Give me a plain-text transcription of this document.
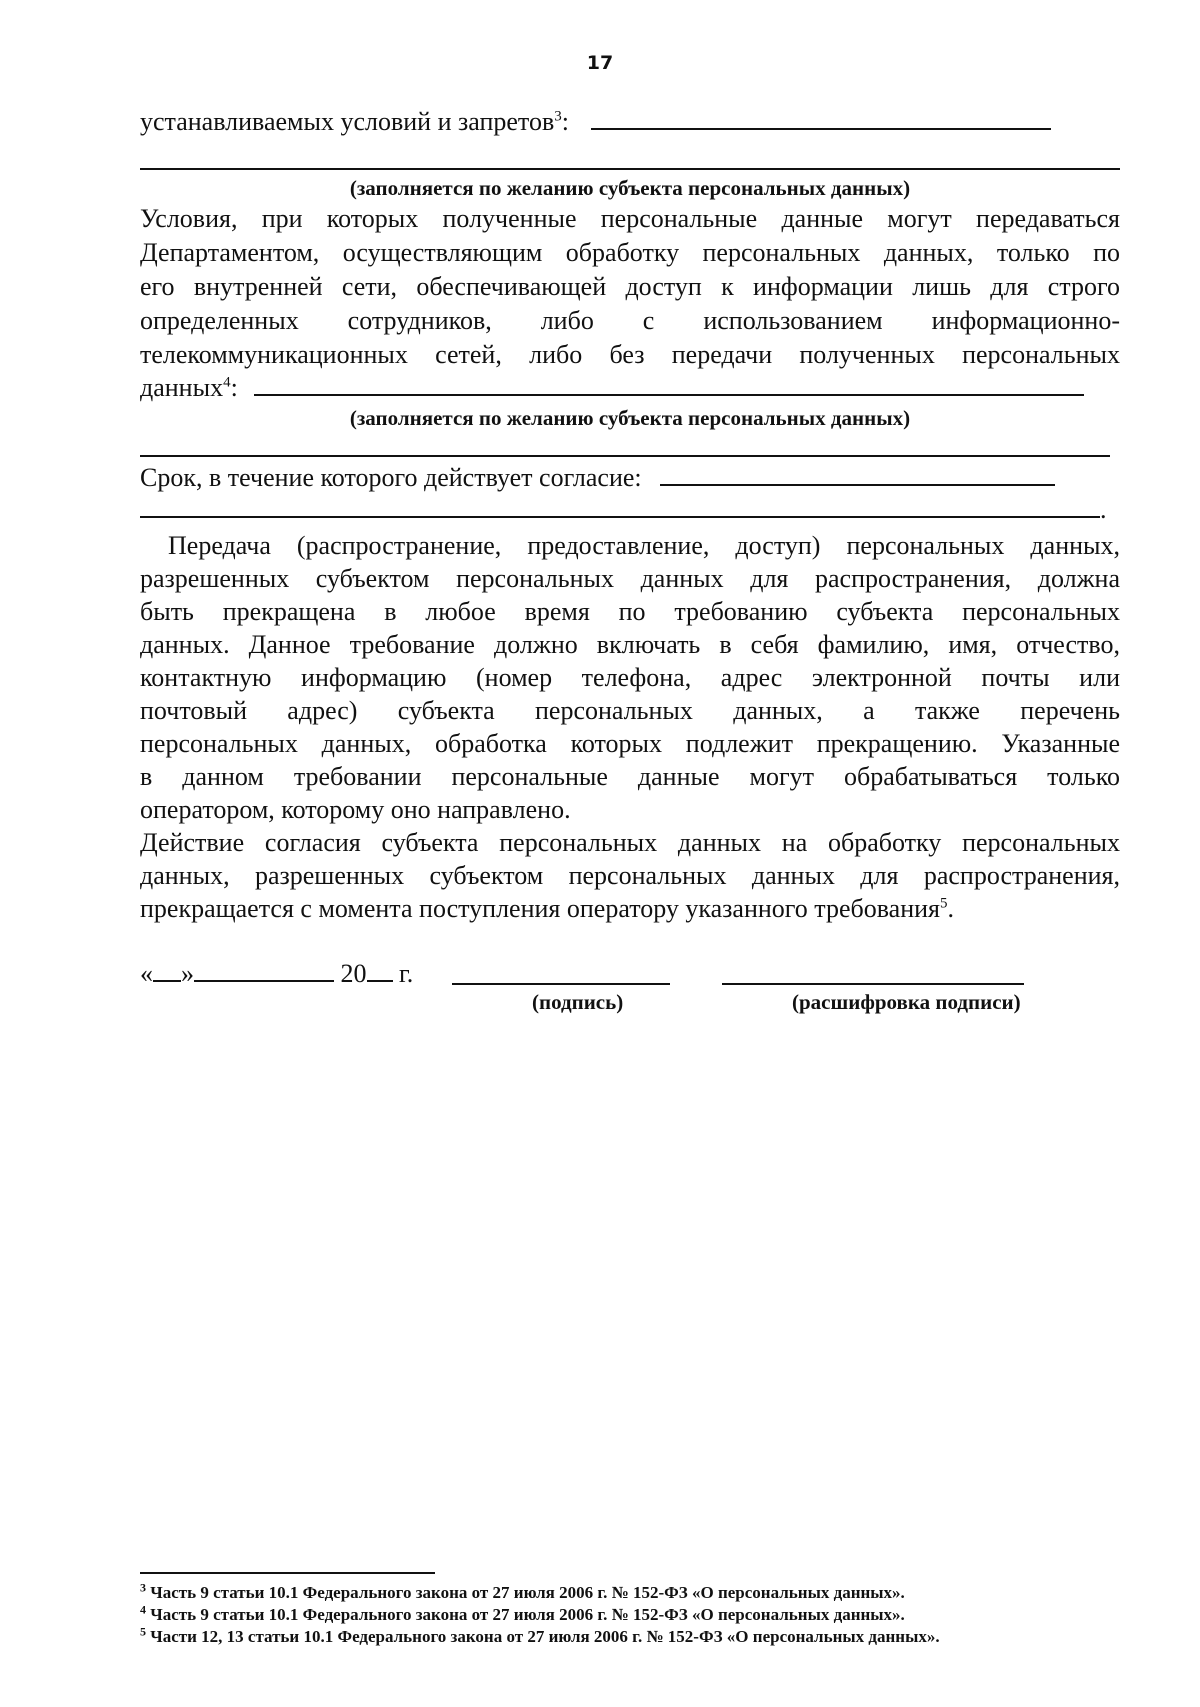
17
устанавливаемых условий и запретов$^3$:
(заполняется по желанию субъекта персональных данных)
Условия, при которых полученные персональные данные могут передаваться
Департаментом, осуществляющим обработку персональных данных, только по
его внутренней сети, обеспечивающей доступ к информации лишь для строго
определенных сотрудников, либо с использованием информационно-
телекоммуникационных сетей, либо без передачи полученных персональных
данных$^4$:
(заполняется по желанию субъекта персональных данных)
Срок, в течение которого действует согласие:
.
Передача (распространение, предоставление, доступ) персональных данных,
разрешенных субъектом персональных данных для распространения, должна
быть прекращена в любое время по требованию субъекта персональных
данных. Данное требование должно включать в себя фамилию, имя, отчество,
контактную информацию (номер телефона, адрес электронной почты или
почтовый адрес) субъекта персональных данных, а также перечень
персональных данных, обработка которых подлежит прекращению. Указанные
в данном требовании персональные данные могут обрабатываться только
оператором, которому оно направлено.
Действие согласия субъекта персональных данных на обработку персональных
данных, разрешенных субъектом персональных данных для распространения,
прекращается с момента поступления оператору указанного требования$^5$.
« »	20 г.
(подпись)	(расшифровка подписи)
$^3$ Часть 9 статьи 10.1 Федерального закона от 27 июля 2006 г. № 152-ФЗ «О персональных данных».
$^4$ Часть 9 статьи 10.1 Федерального закона от 27 июля 2006 г. № 152-ФЗ «О персональных данных».
$^5$ Части 12, 13 статьи 10.1 Федерального закона от 27 июля 2006 г. № 152-ФЗ «О персональных данных».
